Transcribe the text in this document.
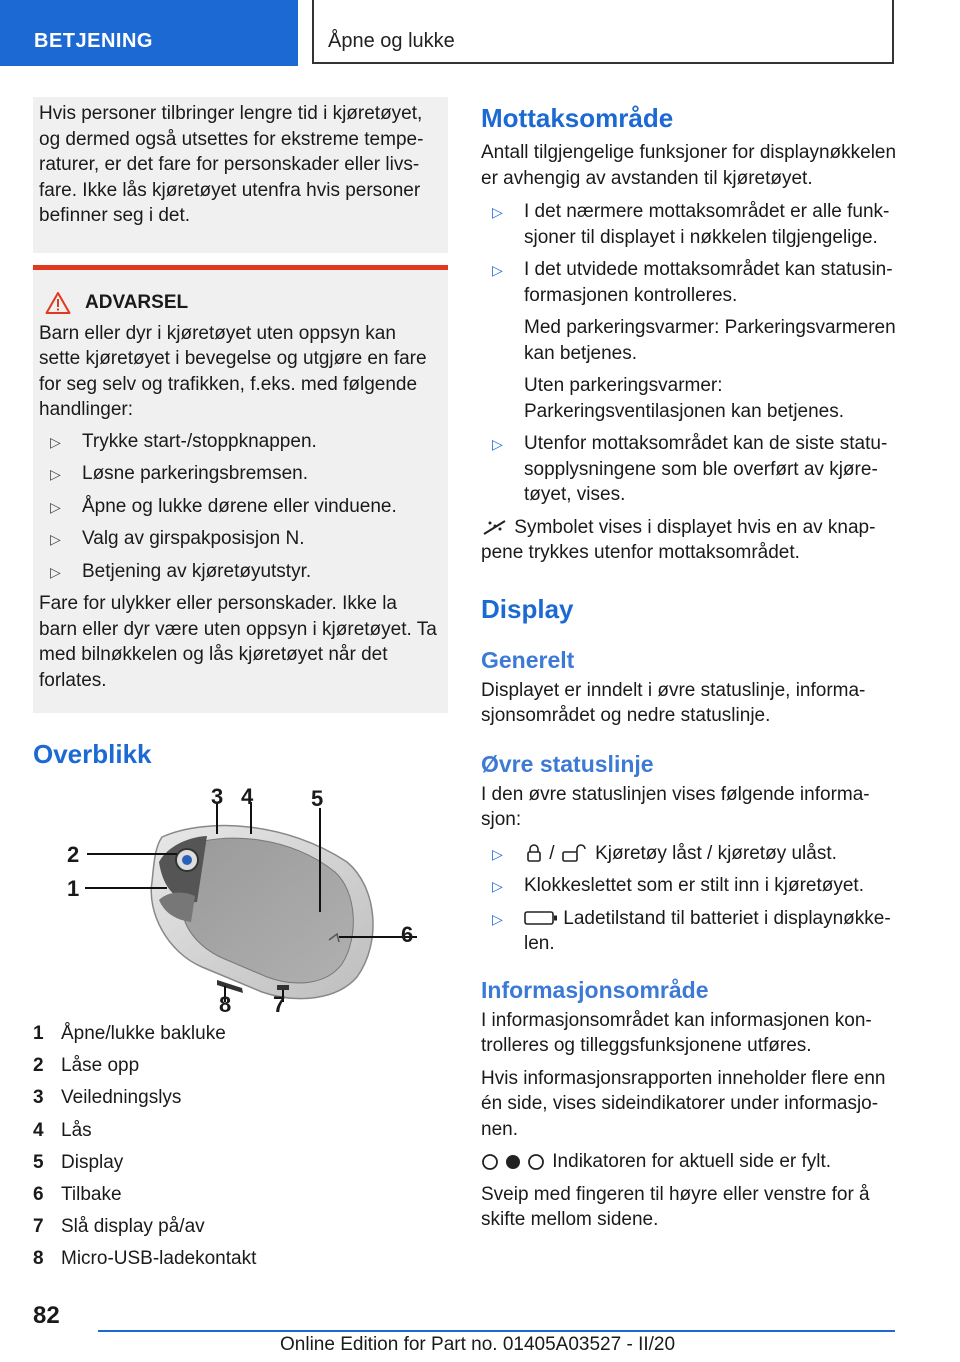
BETJENING	Åpne og lukke
Hvis personer tilbringer lengre tid i kjøretøyet, og dermed også utsettes for ekstreme temperaturer, er det fare for personskader eller livsfare. Ikke lås kjøretøyet utenfra hvis personer befinner seg i det.
ADVARSEL

Barn eller dyr i kjøretøyet uten oppsyn kan sette kjøretøyet i bevegelse og utgjøre en fare for seg selv og trafikken, f.eks. med følgende handlinger:

▷ Trykke start-/stoppknappen.
▷ Løsne parkeringsbremsen.
▷ Åpne og lukke dørene eller vinduene.
▷ Valg av girspakposisjon N.
▷ Betjening av kjøretøyutstyr.

Fare for ulykker eller personskader. Ikke la barn eller dyr være uten oppsyn i kjøretøyet. Ta med bilnøkkelen og lås kjøretøyet når det forlates.

Overblikk
3 4	5
2
1
6
8 7
1 Åpne/lukke bakluke
2 Låse opp
3 Veiledningslys
4 Lås
5 Display
6 Tilbake
7 Slå display på/av
8 Micro-USB-ladekontakt
Mottaksområde

Antall tilgjengelige funksjoner for displaynøkkelen er avhengig av avstanden til kjøretøyet.

▷ I det nærmere mottaksområdet er alle funksjoner til displayet i nøkkelen tilgjengelige.
▷ I det utvidede mottaksområdet kan statusinformasjonen kontrolleres.

Med parkeringsvarmer: Parkeringsvarmeren kan betjenes.

Uten parkeringsvarmer: Parkeringsventilasjonen kan betjenes.

▷ Utenfor mottaksområdet kan de siste statusopplysningene som ble overført av kjøretøyet, vises.

Symbolet vises i displayet hvis en av knappene trykkes utenfor mottaksområdet.

Display
Generelt

Displayet er inndelt i øvre statuslinje, informasjonsområdet og nedre statuslinje.

Øvre statuslinje

I den øvre statuslinjen vises følgende informasjon:

▷ / Kjøretøy låst / kjøretøy ulåst.
▷ Klokkeslettet som er stilt inn i kjøretøyet.
▷	Ladetilstand til batteriet i displaynøkkelen.
Informasjonsområde

I informasjonsområdet kan informasjonen kontrolleres og tilleggsfunksjonene utføres.

Hvis informasjonsrapporten inneholder flere enn én side, vises sideindikatorer under informasjonen.

Indikatoren for aktuell side er fylt.

Sveip med fingeren til høyre eller venstre for å skifte mellom sidene.

82
Online Edition for Part no. 01405A03527 - II/20
